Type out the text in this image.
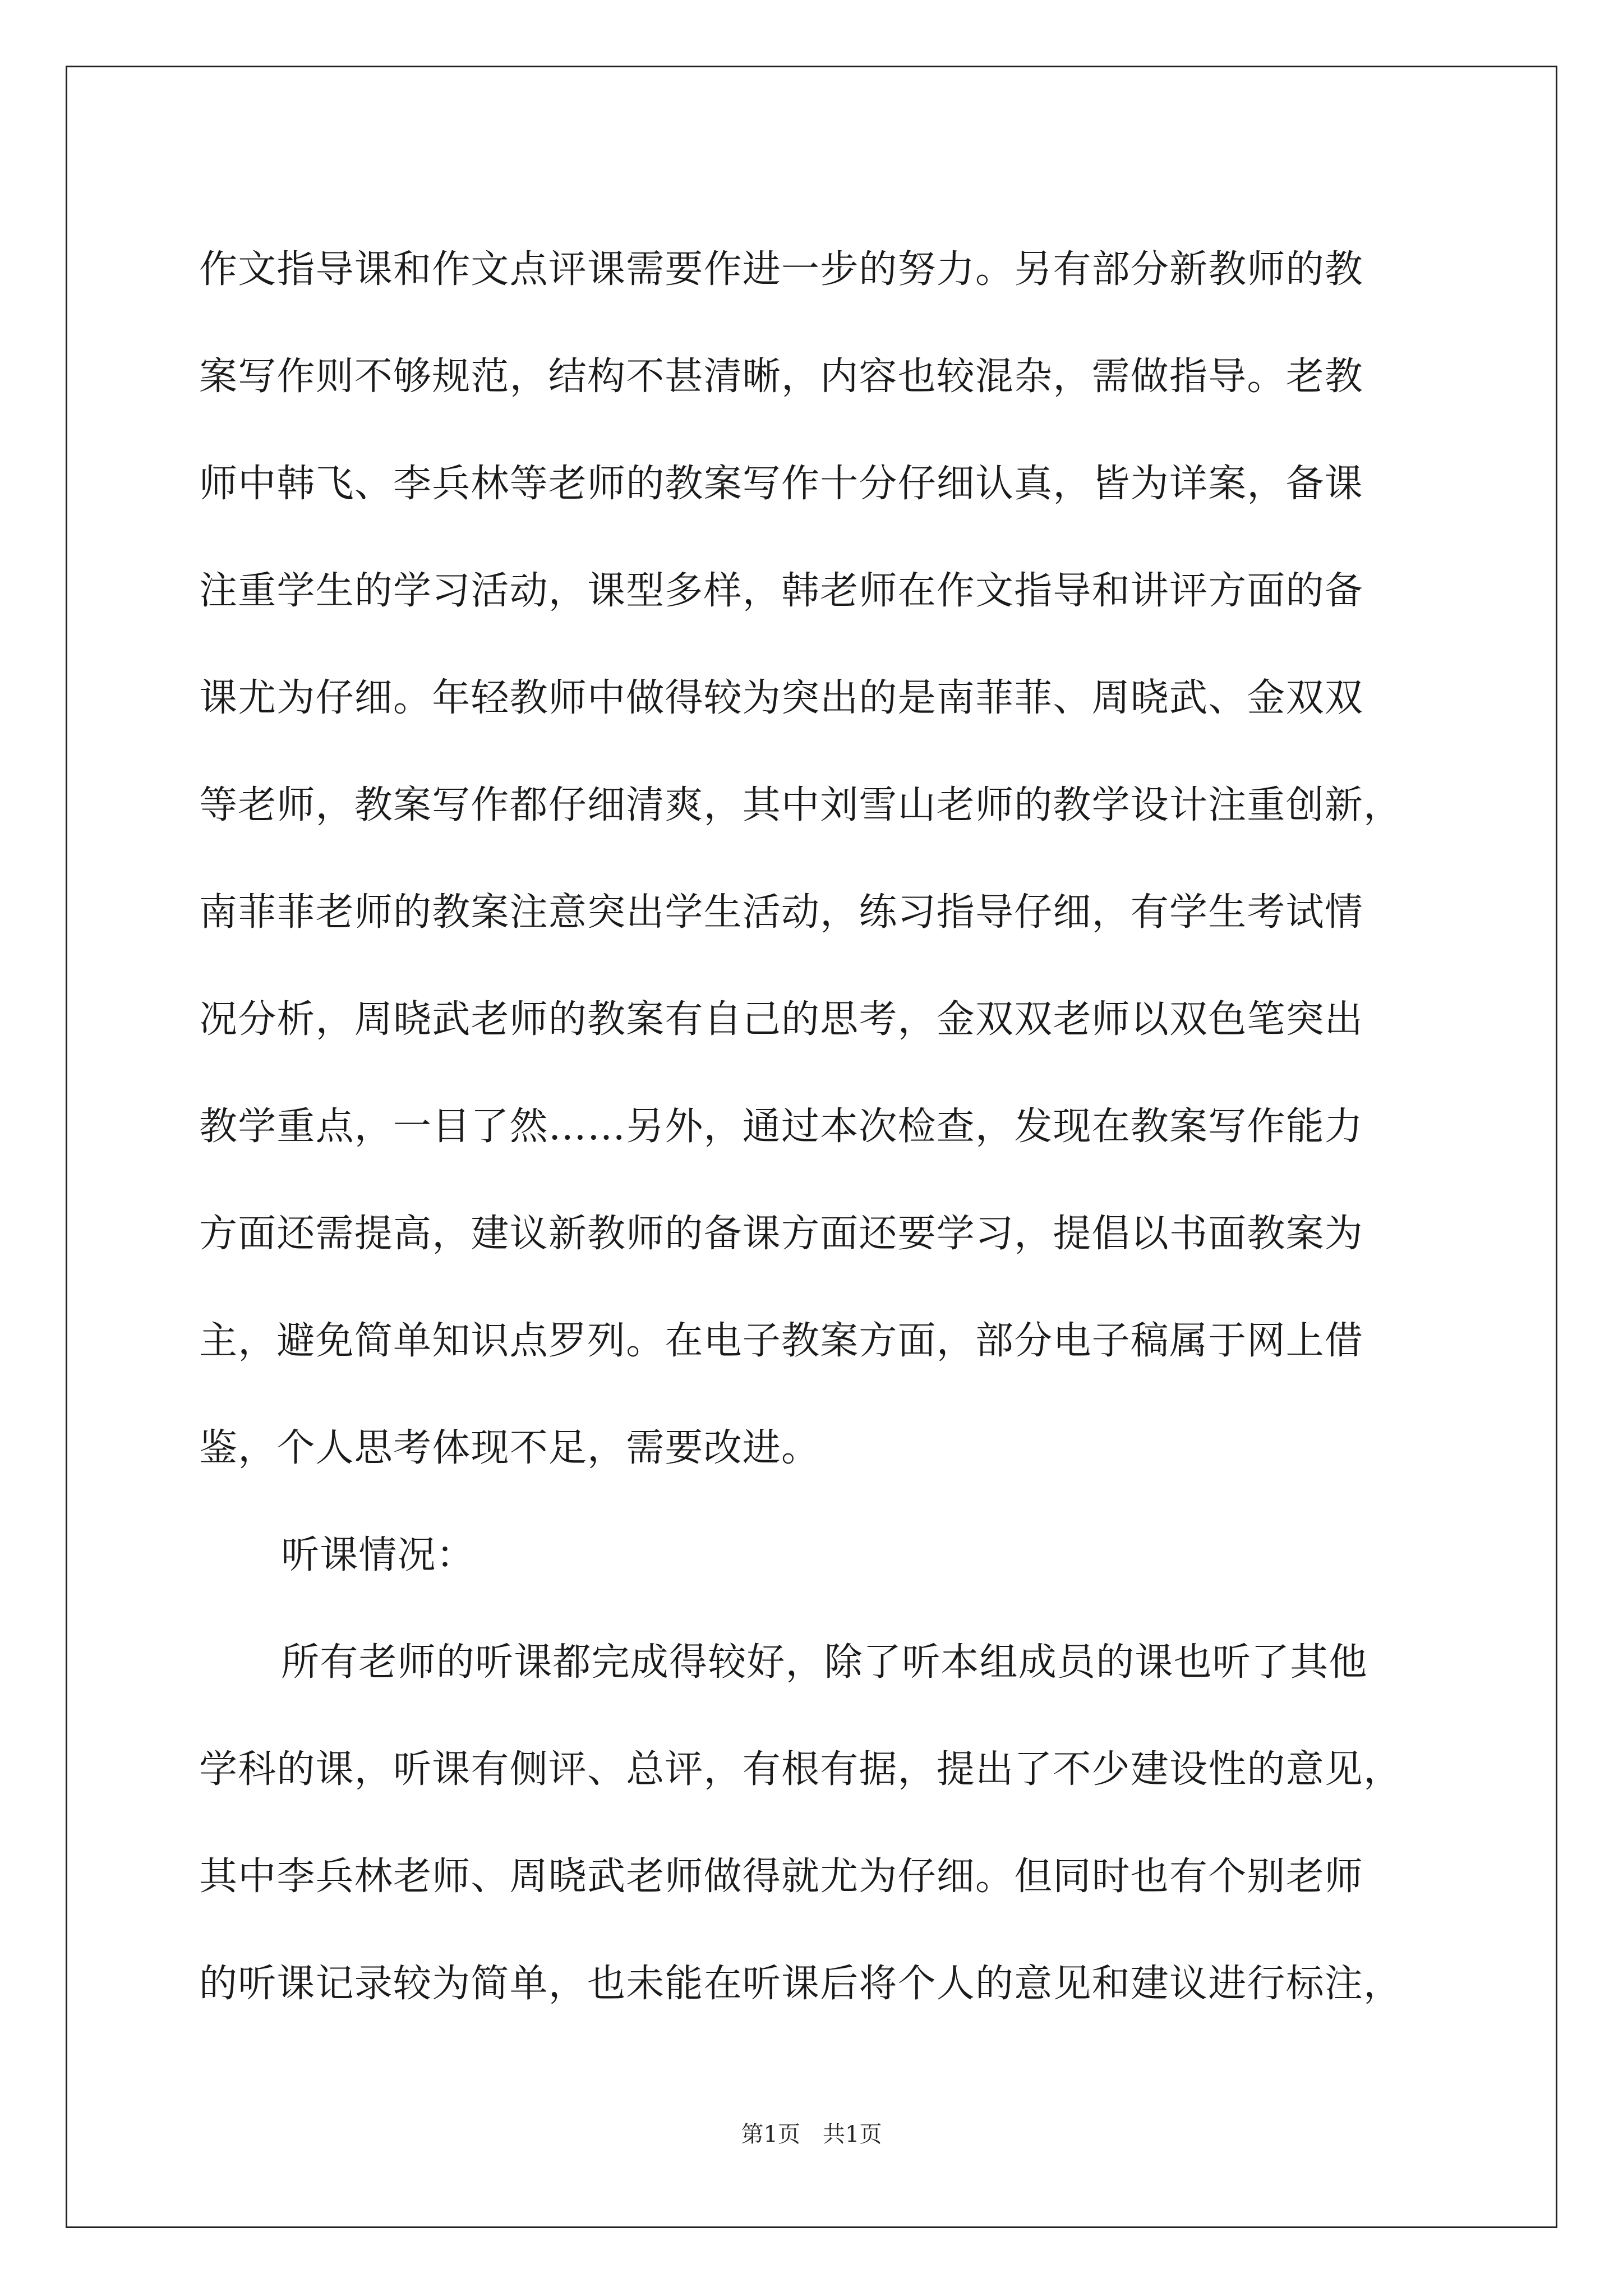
作文指导课和作文点评课需要作进一步的努力。另有部分新教师的教
案写作则不够规范，结构不甚清晰，内容也较混杂，需做指导。老教
师中韩飞、李兵林等老师的教案写作十分仔细认真，皆为详案，备课
注重学生的学习活动，课型多样，韩老师在作文指导和讲评方面的备
课尤为仔细。年轻教师中做得较为突出的是南菲菲、周晓武、金双双
等老师，教案写作都仔细清爽，其中刘雪山老师的教学设计注重创新，
南菲菲老师的教案注意突出学生活动，练习指导仔细，有学生考试情
况分析，周晓武老师的教案有自己的思考，金双双老师以双色笔突出
教学重点，一目了然……另外，通过本次检查，发现在教案写作能力
方面还需提高，建议新教师的备课方面还要学习，提倡以书面教案为
主，避免简单知识点罗列。在电子教案方面，部分电子稿属于网上借
鉴，个人思考体现不足，需要改进。
听课情况：
所有老师的听课都完成得较好，除了听本组成员的课也听了其他
学科的课，听课有侧评、总评，有根有据，提出了不少建设性的意见，
其中李兵林老师、周晓武老师做得就尤为仔细。但同时也有个别老师
的听课记录较为简单，也未能在听课后将个人的意见和建议进行标注，
第1页　共1页
